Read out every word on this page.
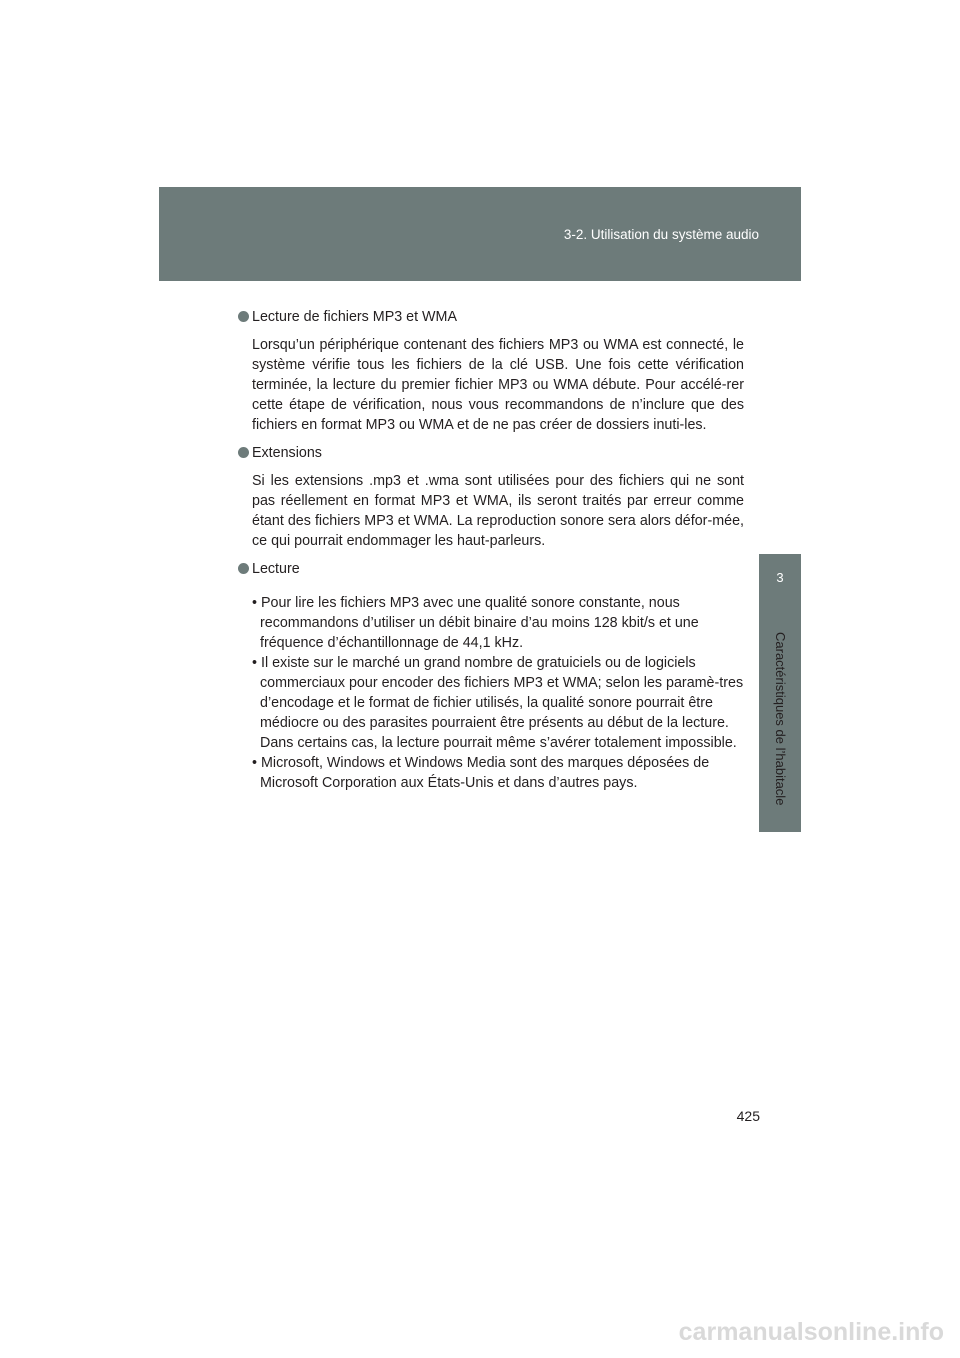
3-2. Utilisation du système audio
3
Caractéristiques de l’habitacle
Lecture de fichiers MP3 et WMA
Lorsqu’un périphérique contenant des fichiers MP3 ou WMA est connecté, le système vérifie tous les fichiers de la clé USB. Une fois cette vérification terminée, la lecture du premier fichier MP3 ou WMA débute. Pour accélé-rer cette étape de vérification, nous vous recommandons de n’inclure que des fichiers en format MP3 ou WMA et de ne pas créer de dossiers inuti-les.
Extensions
Si les extensions .mp3 et .wma sont utilisées pour des fichiers qui ne sont pas réellement en format MP3 et WMA, ils seront traités par erreur comme étant des fichiers MP3 et WMA. La reproduction sonore sera alors défor-mée, ce qui pourrait endommager les haut-parleurs.
Lecture
• Pour lire les fichiers MP3 avec une qualité sonore constante, nous recommandons d’utiliser un débit binaire d’au moins 128 kbit/s et une fréquence d’échantillonnage de 44,1 kHz.
• Il existe sur le marché un grand nombre de gratuiciels ou de logiciels commerciaux pour encoder des fichiers MP3 et WMA; selon les paramè-tres d’encodage et le format de fichier utilisés, la qualité sonore pourrait être médiocre ou des parasites pourraient être présents au début de la lecture. Dans certains cas, la lecture pourrait même s’avérer totalement impossible.
• Microsoft, Windows et Windows Media sont des marques déposées de Microsoft Corporation aux États-Unis et dans d’autres pays.
425
carmanualsonline.info
